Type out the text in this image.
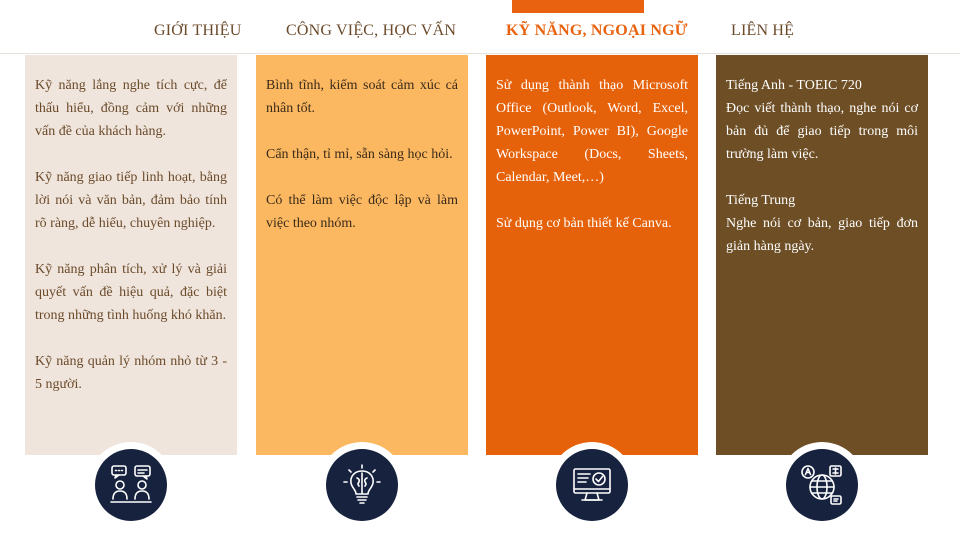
GIỚI THIỆU	CÔNG VIỆC, HỌC VẤN	KỸ NĂNG, NGOẠI NGỮ	LIÊN HỆ

Kỹ năng lắng nghe tích cực, để thấu hiểu, đồng cảm với những vấn đề của khách hàng.

Kỹ năng giao tiếp linh hoạt, bằng lời nói và văn bản, đảm bảo tính rõ ràng, dễ hiểu, chuyên nghiệp.

Kỹ năng phân tích, xử lý và giải quyết vấn đề hiệu quả, đặc biệt trong những tình huống khó khăn.

Kỹ năng quản lý nhóm nhỏ từ 3 - 5 người.

Bình tĩnh, kiểm soát cảm xúc cá nhân tốt.

Cẩn thận, tỉ mỉ, sẵn sàng học hỏi.

Có thể làm việc độc lập và làm việc theo nhóm.

Sử dụng thành thạo Microsoft Office (Outlook, Word, Excel, PowerPoint, Power BI), Google Workspace (Docs, Sheets, Calendar, Meet,…)

Sử dụng cơ bản thiết kế Canva.

Tiếng Anh - TOEIC 720

Đọc viết thành thạo, nghe nói cơ bản đủ để giao tiếp trong môi trường làm việc.

Tiếng Trung

Nghe nói cơ bản, giao tiếp đơn giản hàng ngày.
